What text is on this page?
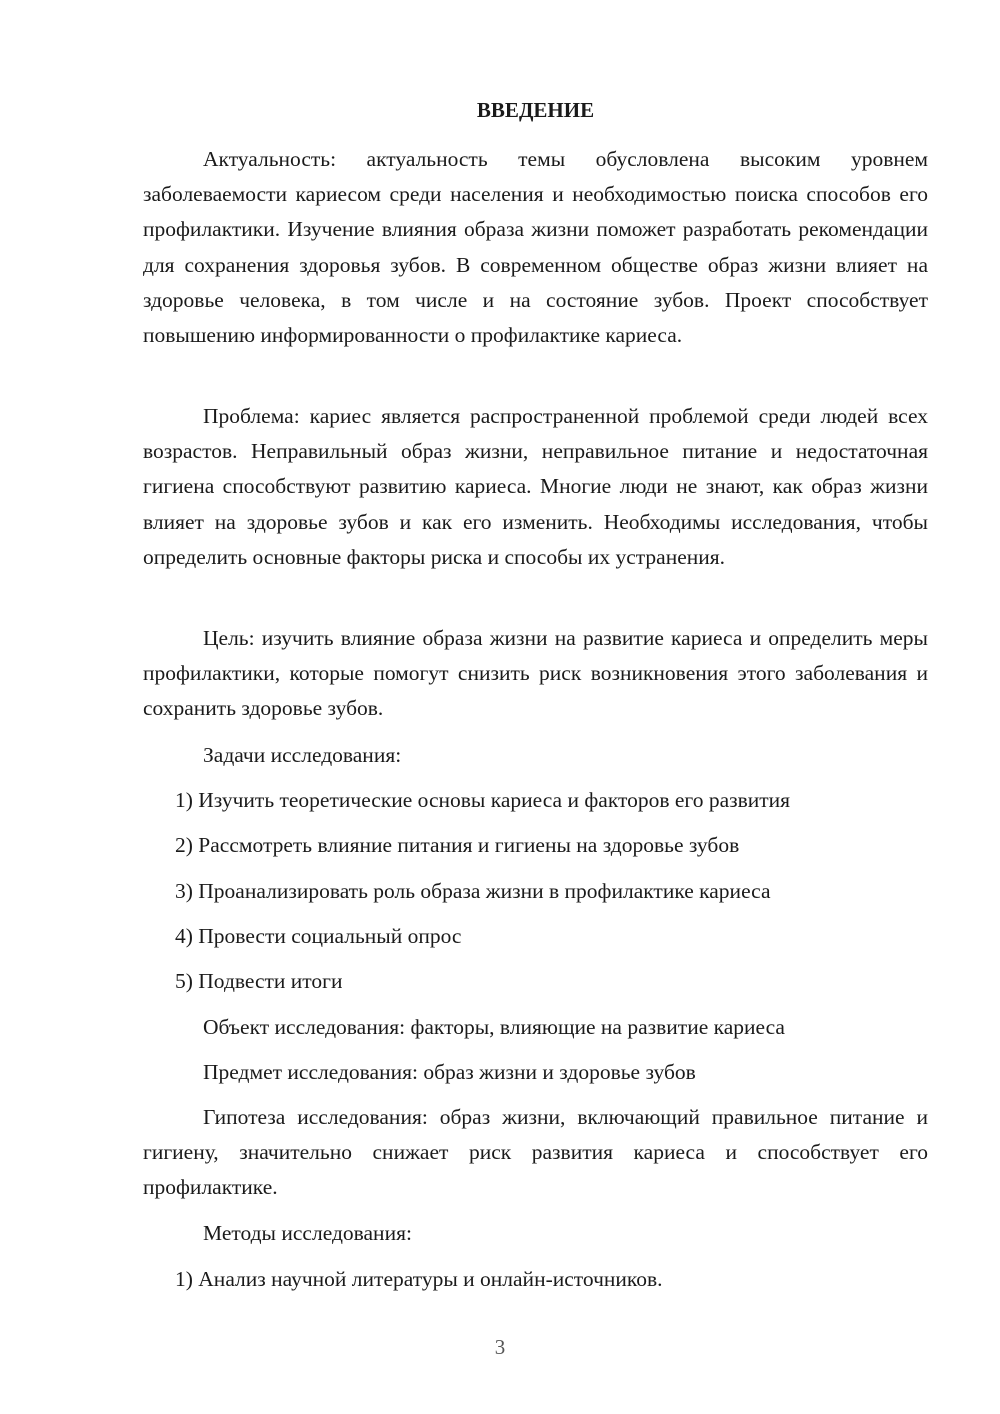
ВВЕДЕНИЕ

Актуальность: актуальность темы обусловлена высоким уровнем заболеваемости кариесом среди населения и необходимостью поиска способов его профилактики. Изучение влияния образа жизни поможет разработать рекомендации для сохранения здоровья зубов. В современном обществе образ жизни влияет на здоровье человека, в том числе и на состояние зубов. Проект способствует повышению информированности о профилактике кариеса.

Проблема: кариес является распространенной проблемой среди людей всех возрастов. Неправильный образ жизни, неправильное питание и недостаточная гигиена способствуют развитию кариеса. Многие люди не знают, как образ жизни влияет на здоровье зубов и как его изменить. Необходимы исследования, чтобы определить основные факторы риска и способы их устранения.

Цель: изучить влияние образа жизни на развитие кариеса и определить меры профилактики, которые помогут снизить риск возникновения этого заболевания и сохранить здоровье зубов.

Задачи исследования:

1) Изучить теоретические основы кариеса и факторов его развития

2) Рассмотреть влияние питания и гигиены на здоровье зубов

3) Проанализировать роль образа жизни в профилактике кариеса

4) Провести социальный опрос

5) Подвести итоги

Объект исследования: факторы, влияющие на развитие кариеса

Предмет исследования: образ жизни и здоровье зубов

Гипотеза исследования: образ жизни, включающий правильное питание и гигиену, значительно снижает риск развития кариеса и способствует его профилактике.

Методы исследования:

1) Анализ научной литературы и онлайн-источников.

3
